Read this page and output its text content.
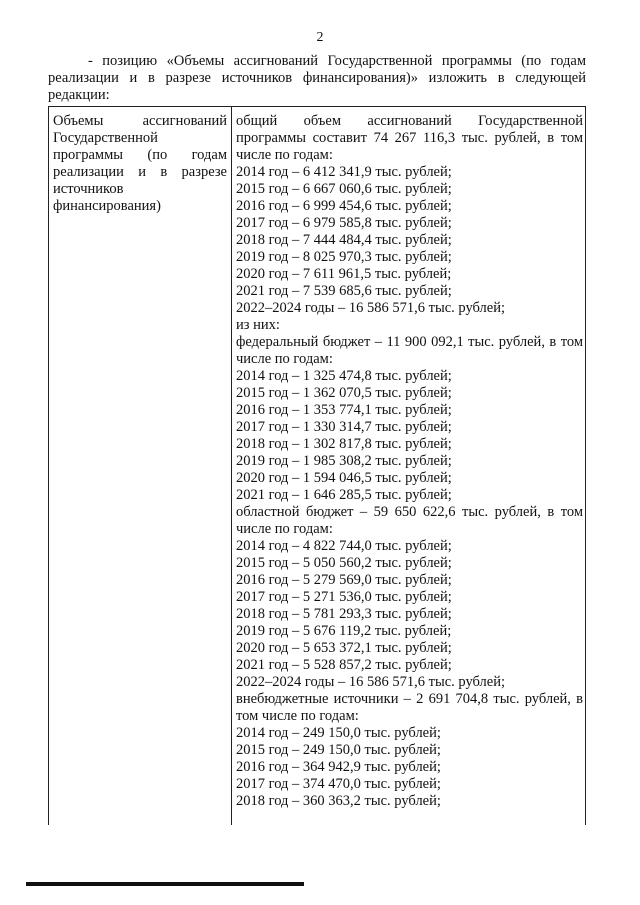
2
- позицию «Объемы ассигнований Государственной программы (по годам реализации и в разрезе источников финансирования)» изложить в следующей редакции:
Объемы ассигнований Государственной программы (по годам реализации и в разрезе источников финансирования)
общий объем ассигнований Государственной программы составит 74 267 116,3 тыс. рублей, в том числе по годам:
2014 год – 6 412 341,9 тыс. рублей;
2015 год – 6 667 060,6 тыс. рублей;
2016 год – 6 999 454,6 тыс. рублей;
2017 год – 6 979 585,8 тыс. рублей;
2018 год – 7 444 484,4 тыс. рублей;
2019 год – 8 025 970,3 тыс. рублей;
2020 год – 7 611 961,5 тыс. рублей;
2021 год – 7 539 685,6 тыс. рублей;
2022–2024 годы – 16 586 571,6 тыс. рублей;
из них:
федеральный бюджет – 11 900 092,1 тыс. рублей, в том числе по годам:
2014 год – 1 325 474,8 тыс. рублей;
2015 год – 1 362 070,5 тыс. рублей;
2016 год – 1 353 774,1 тыс. рублей;
2017 год – 1 330 314,7 тыс. рублей;
2018 год – 1 302 817,8 тыс. рублей;
2019 год – 1 985 308,2 тыс. рублей;
2020 год – 1 594 046,5 тыс. рублей;
2021 год – 1 646 285,5 тыс. рублей;
областной бюджет – 59 650 622,6 тыс. рублей, в том числе по годам:
2014 год – 4 822 744,0 тыс. рублей;
2015 год – 5 050 560,2 тыс. рублей;
2016 год – 5 279 569,0 тыс. рублей;
2017 год – 5 271 536,0 тыс. рублей;
2018 год – 5 781 293,3 тыс. рублей;
2019 год – 5 676 119,2 тыс. рублей;
2020 год – 5 653 372,1 тыс. рублей;
2021 год – 5 528 857,2 тыс. рублей;
2022–2024 годы – 16 586 571,6 тыс. рублей;
внебюджетные источники – 2 691 704,8 тыс. рублей, в том числе по годам:
2014 год – 249 150,0 тыс. рублей;
2015 год – 249 150,0 тыс. рублей;
2016 год – 364 942,9 тыс. рублей;
2017 год – 374 470,0 тыс. рублей;
2018 год – 360 363,2 тыс. рублей;
